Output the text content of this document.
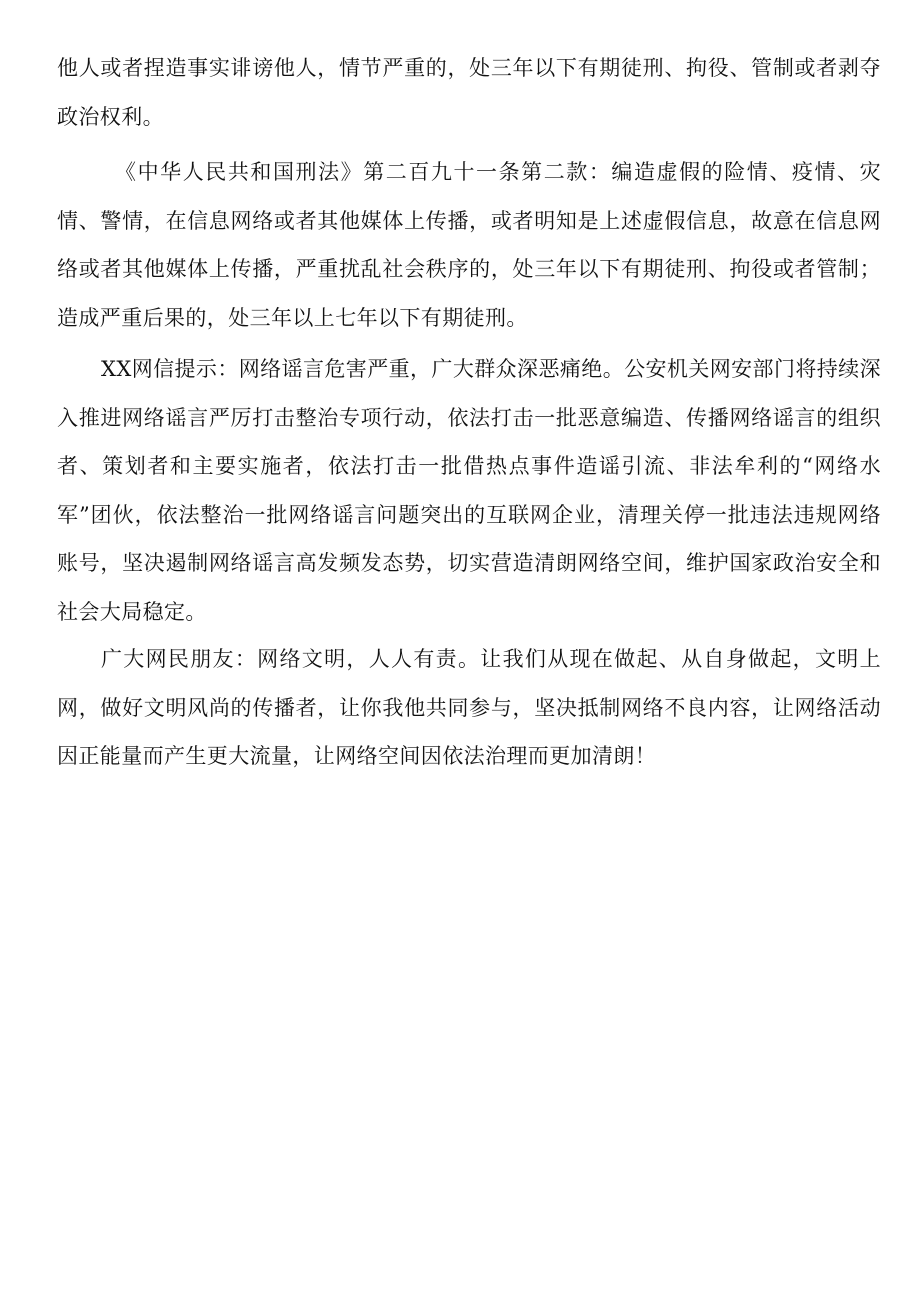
他人或者捏造事实诽谤他人，情节严重的，处三年以下有期徒刑、拘役、管制或者剥夺政治权利。

《中华人民共和国刑法》第二百九十一条第二款：编造虚假的险情、疫情、灾情、警情，在信息网络或者其他媒体上传播，或者明知是上述虚假信息，故意在信息网络或者其他媒体上传播，严重扰乱社会秩序的，处三年以下有期徒刑、拘役或者管制；造成严重后果的，处三年以上七年以下有期徒刑。

XX网信提示：网络谣言危害严重，广大群众深恶痛绝。公安机关网安部门将持续深入推进网络谣言严厉打击整治专项行动，依法打击一批恶意编造、传播网络谣言的组织者、策划者和主要实施者，依法打击一批借热点事件造谣引流、非法牟利的“网络水军”团伙，依法整治一批网络谣言问题突出的互联网企业，清理关停一批违法违规网络账号，坚决遏制网络谣言高发频发态势，切实营造清朗网络空间，维护国家政治安全和社会大局稳定。

广大网民朋友：网络文明，人人有责。让我们从现在做起、从自身做起，文明上网，做好文明风尚的传播者，让你我他共同参与，坚决抵制网络不良内容，让网络活动因正能量而产生更大流量，让网络空间因依法治理而更加清朗！
